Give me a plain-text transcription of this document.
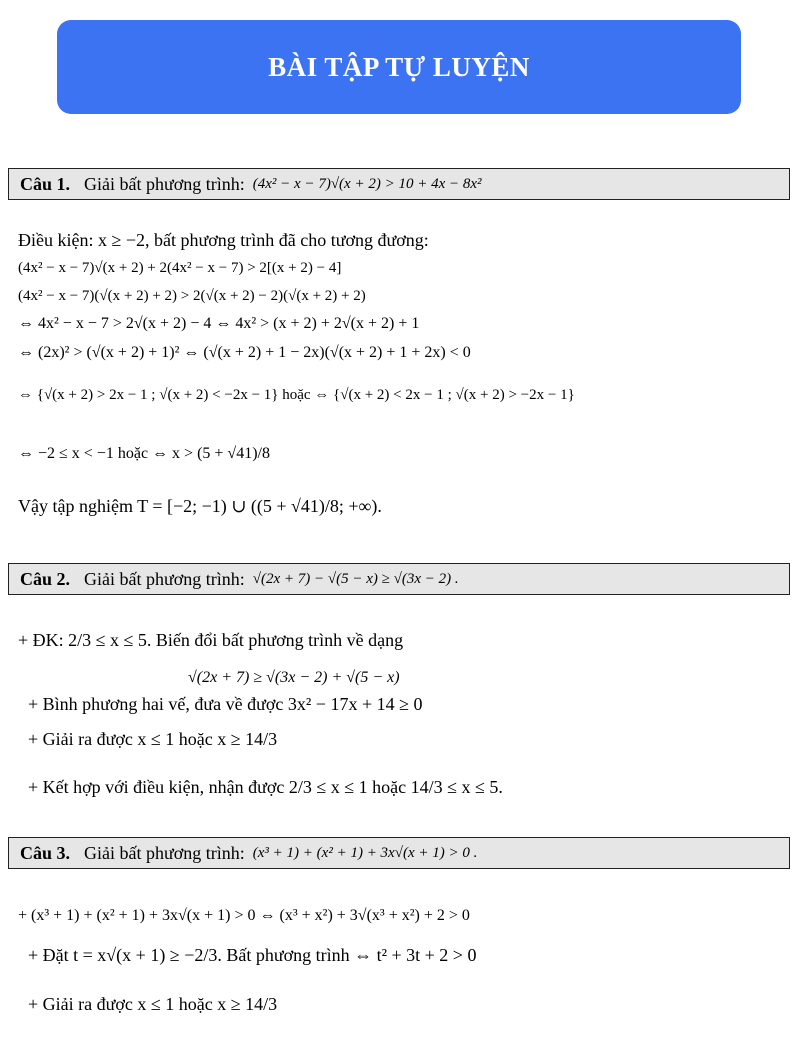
BÀI TẬP TỰ LUYỆN
Câu 1. Giải bất phương trình: (4x² − x − 7)√(x + 2) > 10 + 4x − 8x²
Điều kiện: x ≥ −2, bất phương trình đã cho tương đương:
(4x² − x − 7)√(x + 2) + 2(4x² − x − 7) > 2[(x + 2) − 4]
(4x² − x − 7)(√(x + 2) + 2) > 2(√(x + 2) − 2)(√(x + 2) + 2)
⇔ 4x² − x − 7 > 2√(x + 2) − 4 ⇔ 4x² > (x + 2) + 2√(x + 2) + 1
⇔ (2x)² > (√(x + 2) + 1)² ⇔ (√(x + 2) + 1 − 2x)(√(x + 2) + 1 + 2x) < 0
⇔ {√(x + 2) > 2x − 1 ; √(x + 2) < −2x − 1} hoặc ⇔ {√(x + 2) < 2x − 1 ; √(x + 2) > −2x − 1}
⇔ −2 ≤ x < −1 hoặc ⇔ x > (5 + √41)/8
Vậy tập nghiệm T = [−2; −1) ∪ ((5 + √41)/8; +∞).
Câu 2. Giải bất phương trình: √(2x + 7) − √(5 − x) ≥ √(3x − 2) .
+ ĐK: 2/3 ≤ x ≤ 5. Biến đổi bất phương trình về dạng
√(2x + 7) ≥ √(3x − 2) + √(5 − x)
+ Bình phương hai vế, đưa về được 3x² − 17x + 14 ≥ 0
+ Giải ra được x ≤ 1 hoặc x ≥ 14/3
+ Kết hợp với điều kiện, nhận được 2/3 ≤ x ≤ 1 hoặc 14/3 ≤ x ≤ 5.
Câu 3. Giải bất phương trình: (x³ + 1) + (x² + 1) + 3x√(x + 1) > 0 .
+ (x³ + 1) + (x² + 1) + 3x√(x + 1) > 0 ⇔ (x³ + x²) + 3√(x³ + x²) + 2 > 0
+ Đặt t = x√(x + 1) ≥ −2/3. Bất phương trình ⇔ t² + 3t + 2 > 0
+ Giải ra được x ≤ 1 hoặc x ≥ 14/3
